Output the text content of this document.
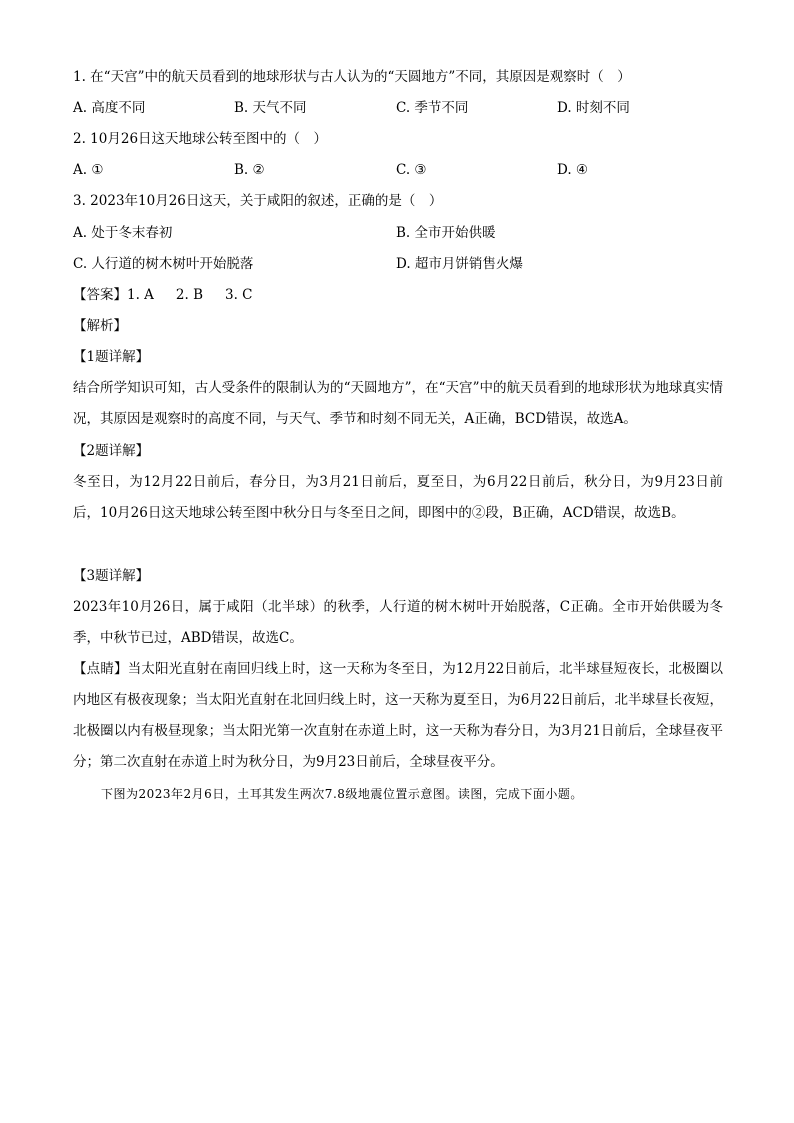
1. 在“天宫”中的航天员看到的地球形状与古人认为的“天圆地方”不同，其原因是观察时（　）
A. 高度不同	B. 天气不同	C. 季节不同	D. 时刻不同
2. 10月26日这天地球公转至图中的（　）
A. ①	B. ②	C. ③	D. ④
3. 2023年10月26日这天，关于咸阳的叙述，正确的是（　）
A. 处于冬末春初	B. 全市开始供暖
C. 人行道的树木树叶开始脱落	D. 超市月饼销售火爆
【答案】1. A 2. B 3. C
【解析】
【1题详解】
结合所学知识可知，古人受条件的限制认为的“天圆地方”，在“天宫”中的航天员看到的地球形状为地球真实情况，其原因是观察时的高度不同，与天气、季节和时刻不同无关，A正确，BCD错误，故选A。
【2题详解】
冬至日，为12月22日前后，春分日，为3月21日前后，夏至日，为6月22日前后，秋分日，为9月23日前后，10月26日这天地球公转至图中秋分日与冬至日之间，即图中的②段，B正确，ACD错误，故选B。
【3题详解】
2023年10月26日，属于咸阳（北半球）的秋季，人行道的树木树叶开始脱落，C正确。全市开始供暖为冬季，中秋节已过，ABD错误，故选C。
【点睛】当太阳光直射在南回归线上时，这一天称为冬至日，为12月22日前后，北半球昼短夜长，北极圈以内地区有极夜现象；当太阳光直射在北回归线上时，这一天称为夏至日，为6月22日前后，北半球昼长夜短，北极圈以内有极昼现象；当太阳光第一次直射在赤道上时，这一天称为春分日，为3月21日前后，全球昼夜平分；第二次直射在赤道上时为秋分日，为9月23日前后，全球昼夜平分。
下图为2023年2月6日，土耳其发生两次7.8级地震位置示意图。读图，完成下面小题。
